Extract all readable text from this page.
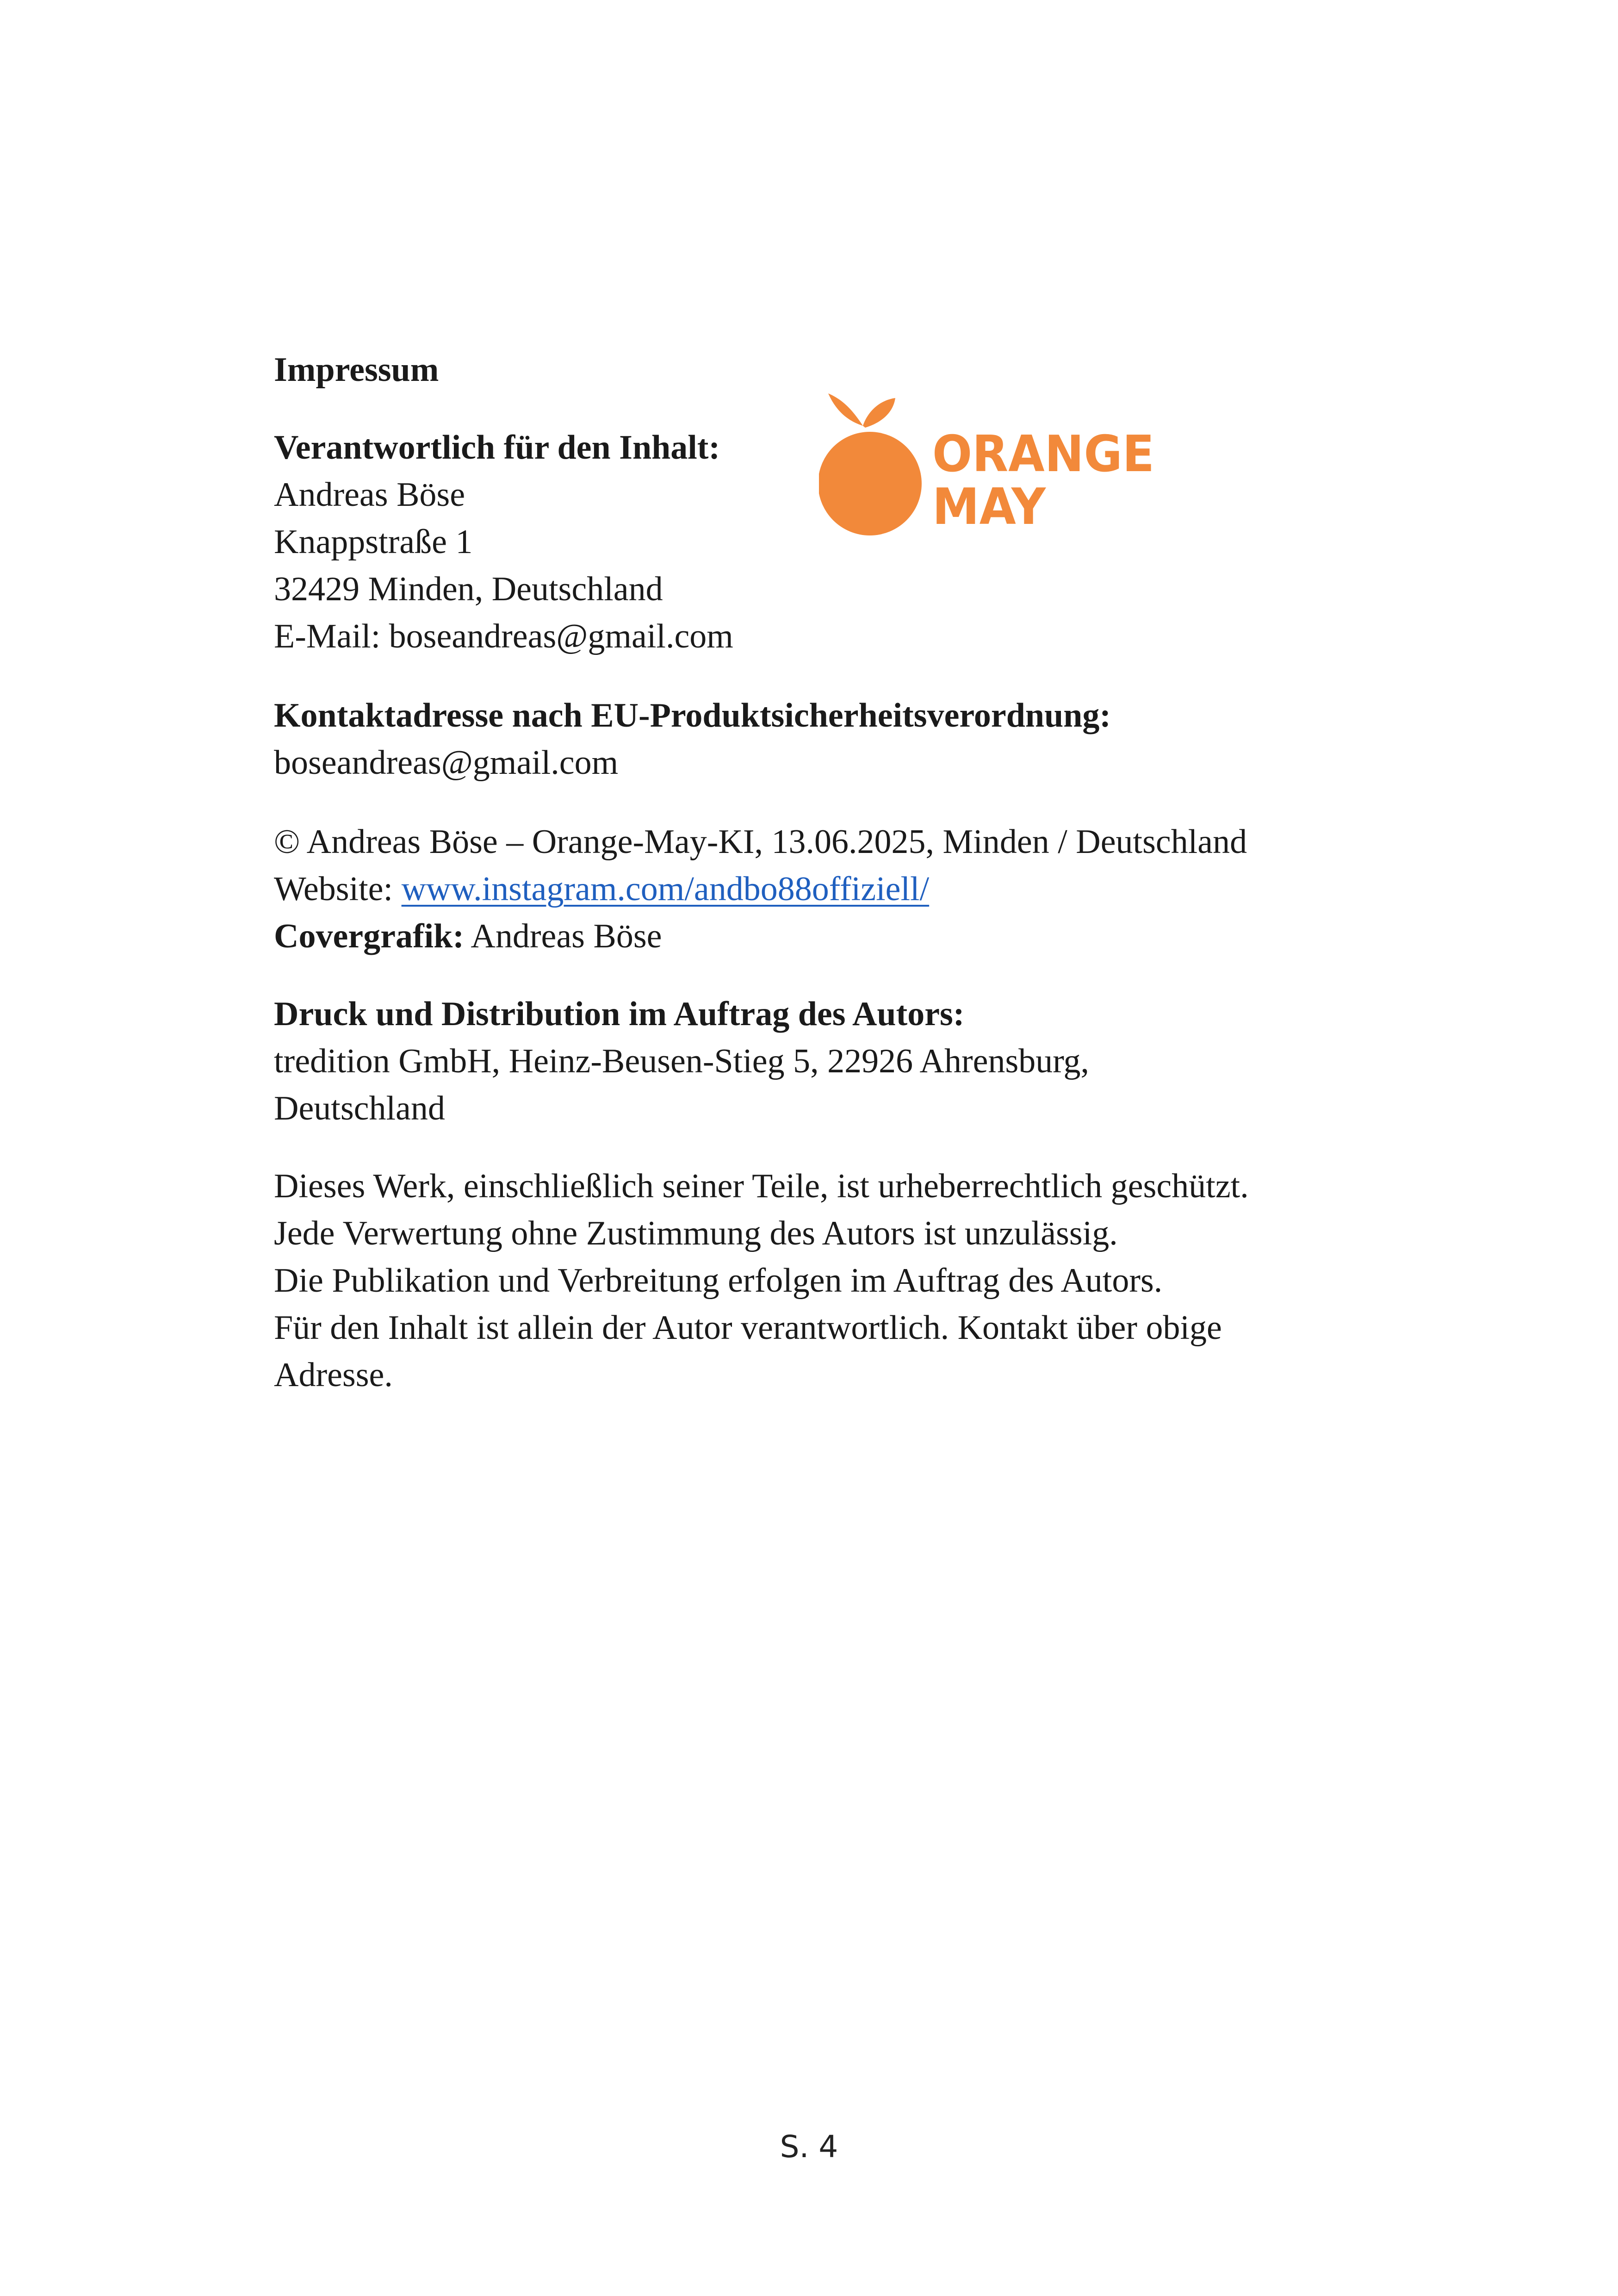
Impressum
Verantwortlich für den Inhalt:
Andreas Böse
Knappstraße 1
32429 Minden, Deutschland
E-Mail: boseandreas@gmail.com
ORANGE
MAY
Kontaktadresse nach EU-Produktsicherheitsverordnung:
boseandreas@gmail.com
© Andreas Böse – Orange-May-KI, 13.06.2025, Minden / Deutschland
Website: www.instagram.com/andbo88offiziell/
Covergrafik: Andreas Böse
Druck und Distribution im Auftrag des Autors:
tredition GmbH, Heinz-Beusen-Stieg 5, 22926 Ahrensburg,
Deutschland
Dieses Werk, einschließlich seiner Teile, ist urheberrechtlich geschützt.
Jede Verwertung ohne Zustimmung des Autors ist unzulässig.
Die Publikation und Verbreitung erfolgen im Auftrag des Autors.
Für den Inhalt ist allein der Autor verantwortlich. Kontakt über obige
Adresse.
S. 4
